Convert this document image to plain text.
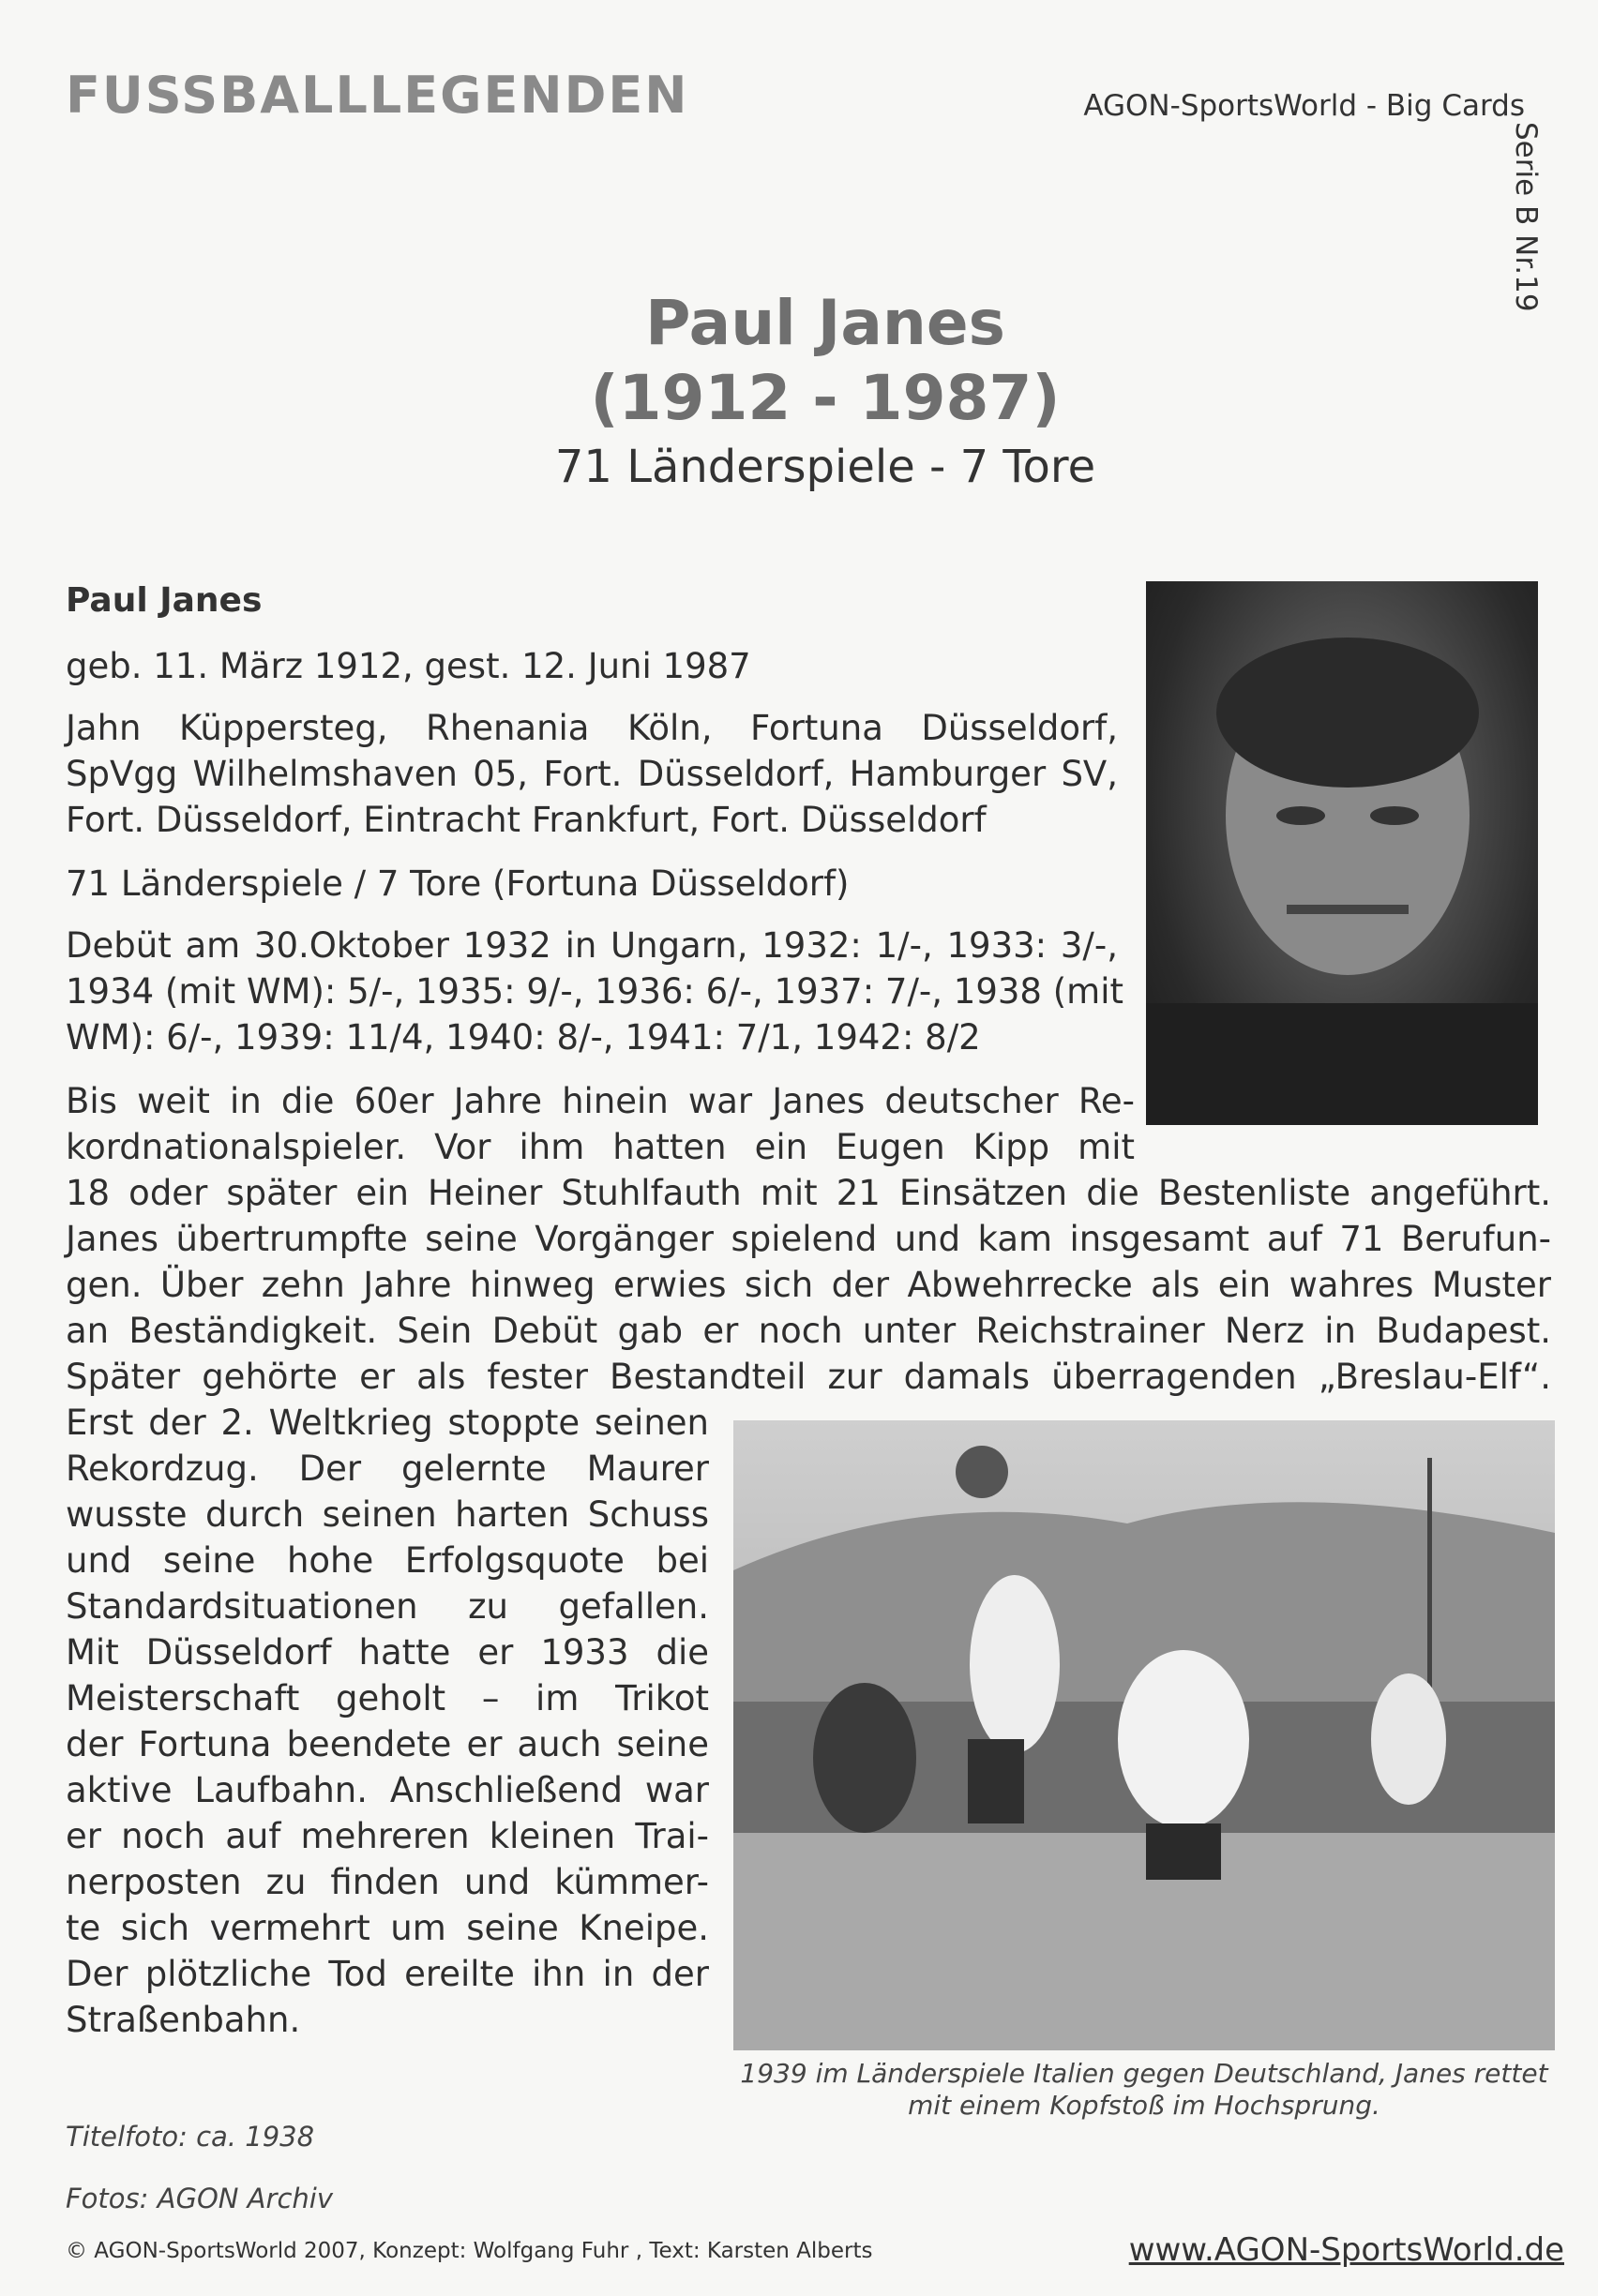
FUSSBALLLEGENDEN	AGON-SportsWorld - Big Cards
Serie B Nr.19
Paul Janes
(1912 - 1987)
71 Länderspiele - 7 Tore
Paul Janes

geb. 11. März 1912, gest. 12. Juni 1987

Jahn Küppersteg, Rhenania Köln, Fortuna Düsseldorf,
SpVgg Wilhelmshaven 05, Fort. Düsseldorf, Hamburger SV,
Fort. Düsseldorf, Eintracht Frankfurt, Fort. Düsseldorf

71 Länderspiele / 7 Tore (Fortuna Düsseldorf)

Debüt am 30.Oktober 1932 in Ungarn, 1932: 1/-, 1933: 3/-,
1934 (mit WM): 5/-, 1935: 9/-, 1936: 6/-, 1937: 7/-, 1938 (mit
WM): 6/-, 1939: 11/4, 1940: 8/-, 1941: 7/1, 1942: 8/2

Bis weit in die 60er Jahre hinein war Janes deutscher Re-
kordnationalspieler. Vor ihm hatten ein Eugen Kipp mit
18 oder später ein Heiner Stuhlfauth mit 21 Einsätzen die Bestenliste angeführt.
Janes übertrumpfte seine Vorgänger spielend und kam insgesamt auf 71 Berufun-
gen. Über zehn Jahre hinweg erwies sich der Abwehrrecke als ein wahres Muster
an Beständigkeit. Sein Debüt gab er noch unter Reichstrainer Nerz in Budapest.
Später gehörte er als fester Bestandteil zur damals überragenden „Breslau-Elf“.

Erst der 2. Weltkrieg stoppte seinen
Rekordzug. Der gelernte Maurer
wusste durch seinen harten Schuss
und seine hohe Erfolgsquote bei
Standardsituationen zu gefallen.
Mit Düsseldorf hatte er 1933 die
Meisterschaft geholt – im Trikot
der Fortuna beendete er auch seine
aktive Laufbahn. Anschließend war
er noch auf mehreren kleinen Trai-
nerposten zu finden und kümmer-
te sich vermehrt um seine Kneipe.
Der plötzliche Tod ereilte ihn in der
Straßenbahn.

1939 im Länderspiele Italien gegen Deutschland, Janes rettet
mit einem Kopfstoß im Hochsprung.
Titelfoto: ca. 1938
Fotos: AGON Archiv
© AGON-SportsWorld 2007, Konzept: Wolfgang Fuhr , Text: Karsten Alberts	www.AGON-SportsWorld.de
